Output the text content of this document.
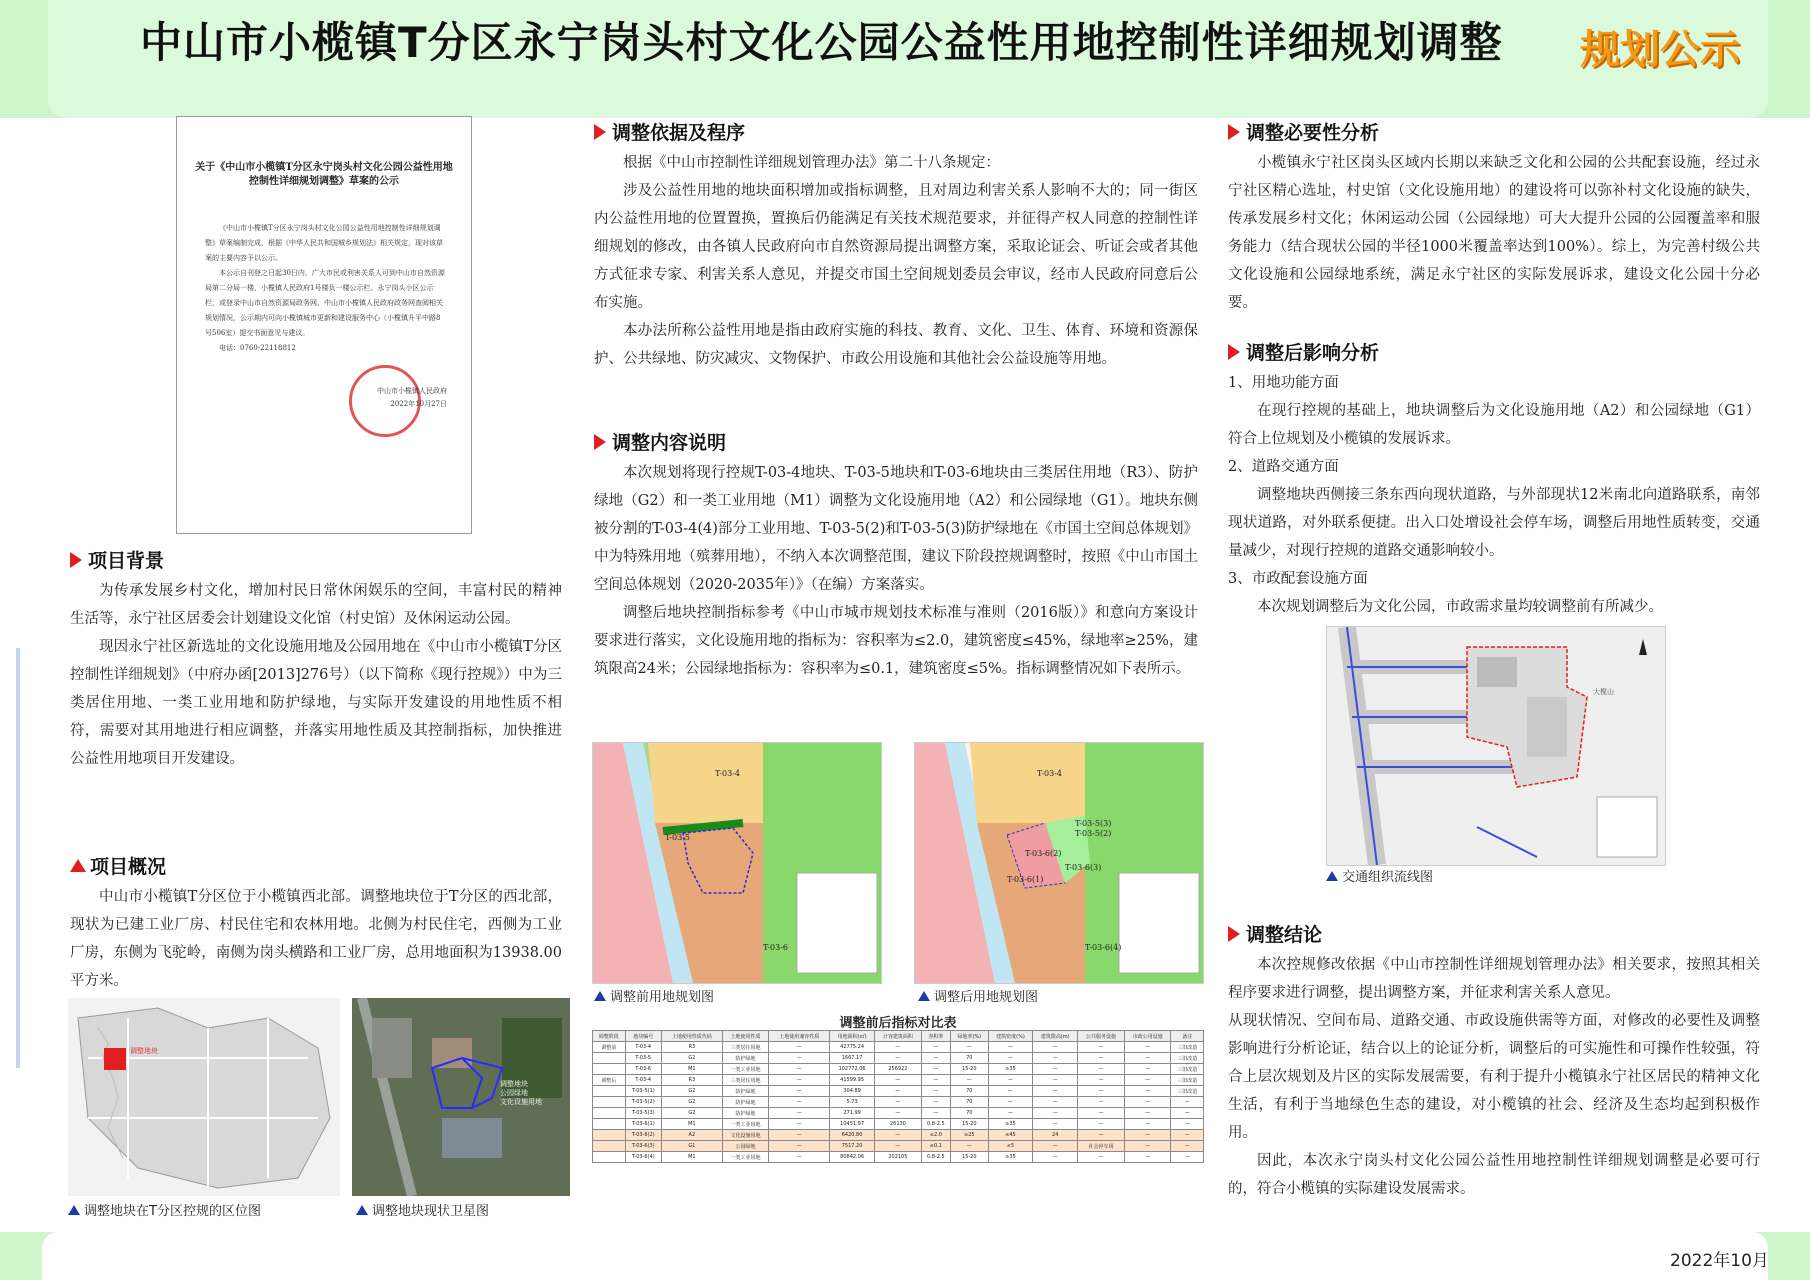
中山市小榄镇T分区永宁岗头村文化公园公益性用地控制性详细规划调整	规划公示
关于《中山市小榄镇T分区永宁岗头村文化公园公益性用地控制性详细规划调整》草案的公示
《中山市小榄镇T分区永宁岗头村文化公园公益性用地控制性详细规划调整》草案编制完成，根据《中华人民共和国城乡规划法》相关规定，现对该草案的主要内容予以公示。
本公示自刊登之日起30日内，广大市民或利害关系人可到中山市自然资源局第二分局一楼、小榄镇人民政府1号楼负一楼公示栏、永宁岗头小区公示栏，或登录中山市自然资源局政务网、中山市小榄镇人民政府政务网查阅相关规划情况，公示期内可向小榄镇城市更新和建设服务中心（小榄镇升平中路8号506室）提交书面意见与建议。
电话：0760-22118812
中山市小榄镇人民政府
2022年10月27日
项目背景

为传承发展乡村文化，增加村民日常休闲娱乐的空间，丰富村民的精神生活等，永宁社区居委会计划建设文化馆（村史馆）及休闲运动公园。

现因永宁社区新选址的文化设施用地及公园用地在《中山市小榄镇T分区控制性详细规划》（中府办函[2013]276号）（以下简称《现行控规》）中为三类居住用地、一类工业用地和防护绿地，与实际开发建设的用地性质不相符，需要对其用地进行相应调整，并落实用地性质及其控制指标，加快推进公益性用地项目开发建设。

项目概况

中山市小榄镇T分区位于小榄镇西北部。调整地块位于T分区的西北部，现状为已建工业厂房、村民住宅和农林用地。北侧为村民住宅，西侧为工业厂房，东侧为飞驼岭，南侧为岗头横路和工业厂房，总用地面积为13938.00平方米。

调整地块
调整地块在T分区控规的区位图
调整地块
公园绿地
文化设施用地
调整地块现状卫星图
调整依据及程序

根据《中山市控制性详细规划管理办法》第二十八条规定：

涉及公益性用地的地块面积增加或指标调整，且对周边利害关系人影响不大的；同一街区内公益性用地的位置置换，置换后仍能满足有关技术规范要求，并征得产权人同意的控制性详细规划的修改，由各镇人民政府向市自然资源局提出调整方案，采取论证会、听证会或者其他方式征求专家、利害关系人意见，并提交市国土空间规划委员会审议，经市人民政府同意后公布实施。

本办法所称公益性用地是指由政府实施的科技、教育、文化、卫生、体育、环境和资源保护、公共绿地、防灾减灾、文物保护、市政公用设施和其他社会公益设施等用地。

调整内容说明

本次规划将现行控规T-03-4地块、T-03-5地块和T-03-6地块由三类居住用地（R3）、防护绿地（G2）和一类工业用地（M1）调整为文化设施用地（A2）和公园绿地（G1）。地块东侧被分割的T-03-4(4)部分工业用地、T-03-5(2)和T-03-5(3)防护绿地在《市国土空间总体规划》中为特殊用地（殡葬用地），不纳入本次调整范围，建议下阶段控规调整时，按照《中山市国土空间总体规划（2020-2035年）》（在编）方案落实。

调整后地块控制指标参考《中山市城市规划技术标准与准则（2016版）》和意向方案设计要求进行落实，文化设施用地的指标为：容积率为≤2.0，建筑密度≤45%，绿地率≥25%，建筑限高24米；公园绿地指标为：容积率为≤0.1，建筑密度≤5%。指标调整情况如下表所示。

T-03-4
T-03-5
T-03-6
调整前用地规划图
T-03-4
T-03-6(1)
T-03-6(2)
T-03-5(3)
T-03-5(2)
T-03-6(3)
T-03-6(4)
调整后用地规划图
调整前后指标对比表
调整阶段	地块编号	土地使用性质代码	土地使用性质	土地使用兼容性质	用地面积(㎡)	计容建筑面积	容积率	绿地率(%)	建筑密度(%)	建筑限高(m)	公共服务设施	市政公用设施	备注
调整前	T-03-4	R3	三类居住用地	—	42775.24	—	—	—	—	—	—	—	三旧改造
	T-03-5	G2	防护绿地	—	1667.17	—	—	70	—	—	—	—	三旧改造
	T-03-6	M1	一类工业用地	—	102772.06	256922	—	15-20	≥35	—	—	—	三旧改造
调整后	T-03-4	R3	三类居住用地	—	41599.95	—	—	—	—	—	—	—	三旧改造
	T-03-5(1)	G2	防护绿地	—	304.89	—	—	70	—	—	—	—	三旧改造
	T-03-5(2)	G2	防护绿地	—	5.73	—	—	70	—	—	—	—	—
	T-03-5(3)	G2	防护绿地	—	271.99	—	—	70	—	—	—	—	—
	T-03-6(1)	M1	一类工业用地	—	10451.97	26130	0.8-2.5	15-20	≥35	—	—	—	—
	T-03-6(2)	A2	文化设施用地	—	6420.80	—	≤2.0	≥25	≤45	24	—	—	—
	T-03-6(3)	G1	公园绿地	—	7517.20	—	≤0.1	—	≤5	—	社会停车场	—	—
	T-03-6(4)	M1	一类工业用地	—	80842.06	202105	0.8-2.5	15-20	≥35	—	—	—	—
调整必要性分析

小榄镇永宁社区岗头区域内长期以来缺乏文化和公园的公共配套设施，经过永宁社区精心选址，村史馆（文化设施用地）的建设将可以弥补村文化设施的缺失，传承发展乡村文化；休闲运动公园（公园绿地）可大大提升公园的公园覆盖率和服务能力（结合现状公园的半径1000米覆盖率达到100%）。综上，为完善村级公共文化设施和公园绿地系统，满足永宁社区的实际发展诉求，建设文化公园十分必要。

调整后影响分析

1、用地功能方面

在现行控规的基础上，地块调整后为文化设施用地（A2）和公园绿地（G1）符合上位规划及小榄镇的发展诉求。

2、道路交通方面

调整地块西侧接三条东西向现状道路，与外部现状12米南北向道路联系，南邻现状道路，对外联系便捷。出入口处增设社会停车场，调整后用地性质转变，交通量减少，对现行控规的道路交通影响较小。

3、市政配套设施方面

本次规划调整后为文化公园，市政需求量均较调整前有所减少。

大榄山
交通组织流线图
调整结论

本次控规修改依据《中山市控制性详细规划管理办法》相关要求，按照其相关程序要求进行调整，提出调整方案，并征求利害关系人意见。

从现状情况、空间布局、道路交通、市政设施供需等方面，对修改的必要性及调整影响进行分析论证，结合以上的论证分析，调整后的可实施性和可操作性较强，符合上层次规划及片区的实际发展需要，有利于提升小榄镇永宁社区居民的精神文化生活，有利于当地绿色生态的建设，对小榄镇的社会、经济及生态均起到积极作用。

因此，本次永宁岗头村文化公园公益性用地控制性详细规划调整是必要可行的，符合小榄镇的实际建设发展需求。

2022年10月
